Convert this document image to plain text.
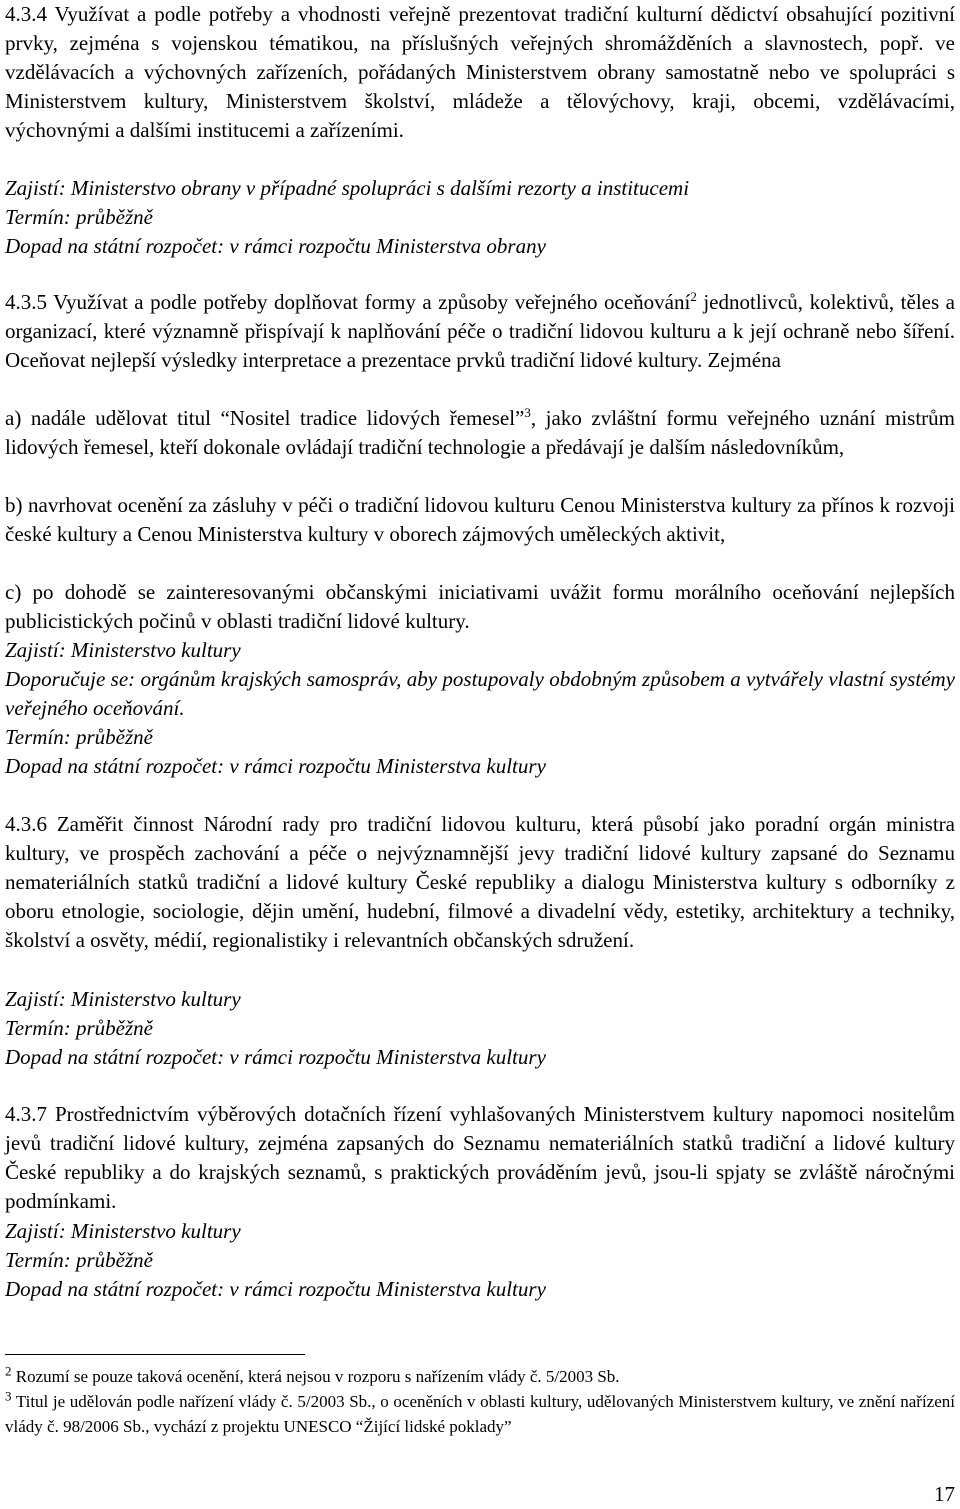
4.3.4 Využívat a podle potřeby a vhodnosti veřejně prezentovat tradiční kulturní dědictví obsahující pozitivní prvky, zejména s vojenskou tématikou, na příslušných veřejných shromážděních a slavnostech, popř. ve vzdělávacích a výchovných zařízeních, pořádaných Ministerstvem obrany samostatně nebo ve spolupráci s Ministerstvem kultury, Ministerstvem školství, mládeže a tělovýchovy, kraji, obcemi, vzdělávacími, výchovnými a dalšími institucemi a zařízeními.

Zajistí: Ministerstvo obrany v případné spolupráci s dalšími rezorty a institucemi

Termín: průběžně

Dopad na státní rozpočet: v rámci rozpočtu Ministerstva obrany

4.3.5 Využívat a podle potřeby doplňovat formy a způsoby veřejného oceňování$^2$ jednotlivců, kolektivů, těles a organizací, které významně přispívají k naplňování péče o tradiční lidovou kulturu a k její ochraně nebo šíření. Oceňovat nejlepší výsledky interpretace a prezentace prvků tradiční lidové kultury. Zejména

a) nadále udělovat titul “Nositel tradice lidových řemesel”$^3$, jako zvláštní formu veřejného uznání mistrům lidových řemesel, kteří dokonale ovládají tradiční technologie a předávají je dalším následovníkům,

b) navrhovat ocenění za zásluhy v péči o tradiční lidovou kulturu Cenou Ministerstva kultury za přínos k rozvoji české kultury a Cenou Ministerstva kultury v oborech zájmových uměleckých aktivit,

c) po dohodě se zainteresovanými občanskými iniciativami uvážit formu morálního oceňování nejlepších publicistických počinů v oblasti tradiční lidové kultury.

Zajistí: Ministerstvo kultury

Doporučuje se: orgánům krajských samospráv, aby postupovaly obdobným způsobem a vytvářely vlastní systémy veřejného oceňování.

Termín: průběžně

Dopad na státní rozpočet: v rámci rozpočtu Ministerstva kultury

4.3.6 Zaměřit činnost Národní rady pro tradiční lidovou kulturu, která působí jako poradní orgán ministra kultury, ve prospěch zachování a péče o nejvýznamnější jevy tradiční lidové kultury zapsané do Seznamu nemateriálních statků tradiční a lidové kultury České republiky a dialogu Ministerstva kultury s odborníky z oboru etnologie, sociologie, dějin umění, hudební, filmové a divadelní vědy, estetiky, architektury a techniky, školství a osvěty, médií, regionalistiky i relevantních občanských sdružení.

Zajistí: Ministerstvo kultury

Termín: průběžně

Dopad na státní rozpočet: v rámci rozpočtu Ministerstva kultury

4.3.7 Prostřednictvím výběrových dotačních řízení vyhlašovaných Ministerstvem kultury napomoci nositelům jevů tradiční lidové kultury, zejména zapsaných do Seznamu nemateriálních statků tradiční a lidové kultury České republiky a do krajských seznamů, s praktických prováděním jevů, jsou-li spjaty se zvláště náročnými podmínkami.

Zajistí: Ministerstvo kultury

Termín: průběžně

Dopad na státní rozpočet: v rámci rozpočtu Ministerstva kultury

$^2$ Rozumí se pouze taková ocenění, která nejsou v rozporu s nařízením vlády č. 5/2003 Sb.

$^3$ Titul je udělován podle nařízení vlády č. 5/2003 Sb., o oceněních v oblasti kultury, udělovaných Ministerstvem kultury, ve znění nařízení vlády č. 98/2006 Sb., vychází z projektu UNESCO “Žijící lidské poklady”

17
